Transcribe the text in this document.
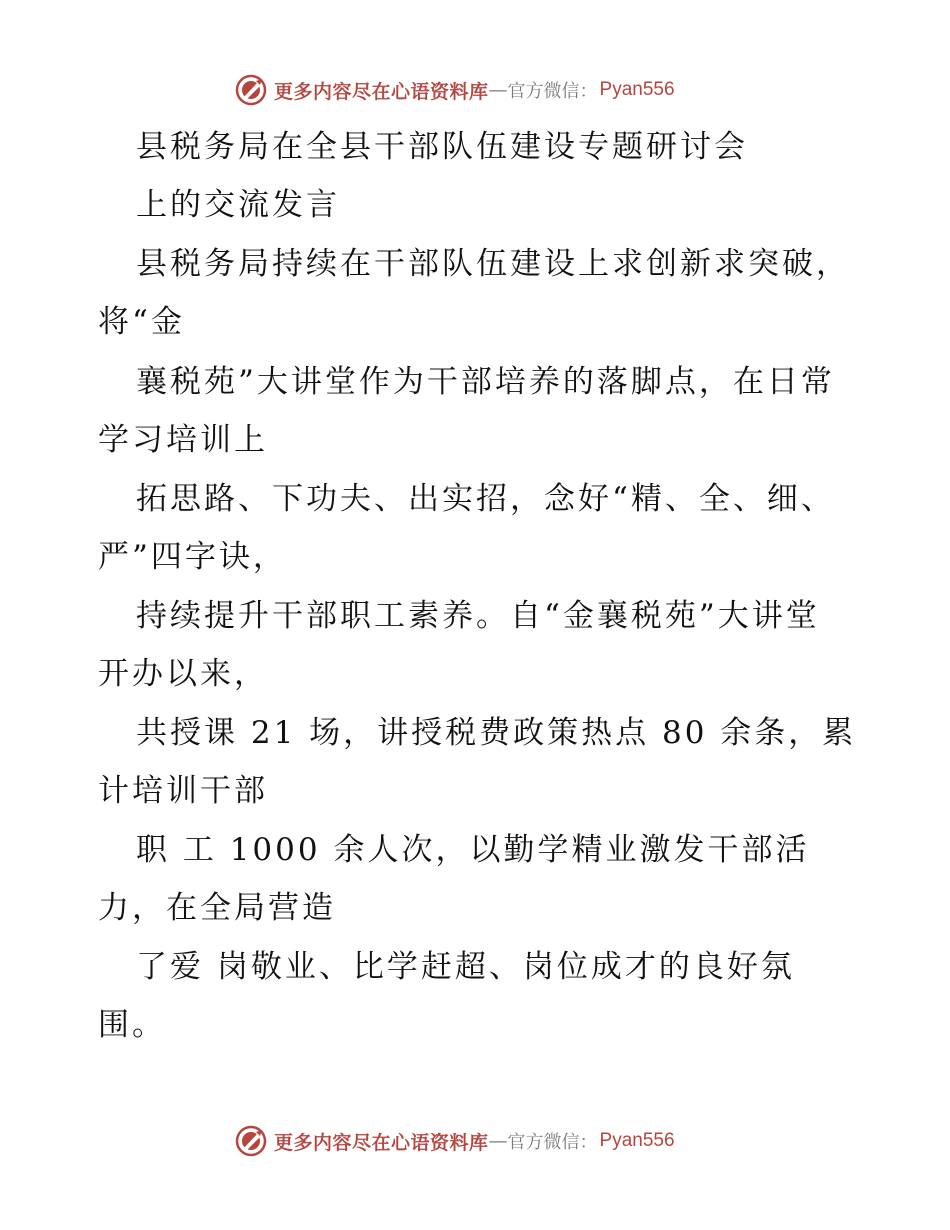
更多内容尽在心语资料库 — 官方微信： Pyan556

县税务局在全县干部队伍建设专题研讨会

上的交流发言

县税务局持续在干部队伍建设上求创新求突破，

将“金

襄税苑”大讲堂作为干部培养的落脚点，在日常

学习培训上

拓思路、下功夫、出实招，念好“精、全、细、

严”四字诀，

持续提升干部职工素养。自“金襄税苑”大讲堂

开办以来，

共授课 21 场，讲授税费政策热点 80 余条，累

计培训干部

职 工 1000 余人次，以勤学精业激发干部活

力，在全局营造

了爱 岗敬业、比学赶超、岗位成才的良好氛

围。

更多内容尽在心语资料库 — 官方微信： Pyan556
